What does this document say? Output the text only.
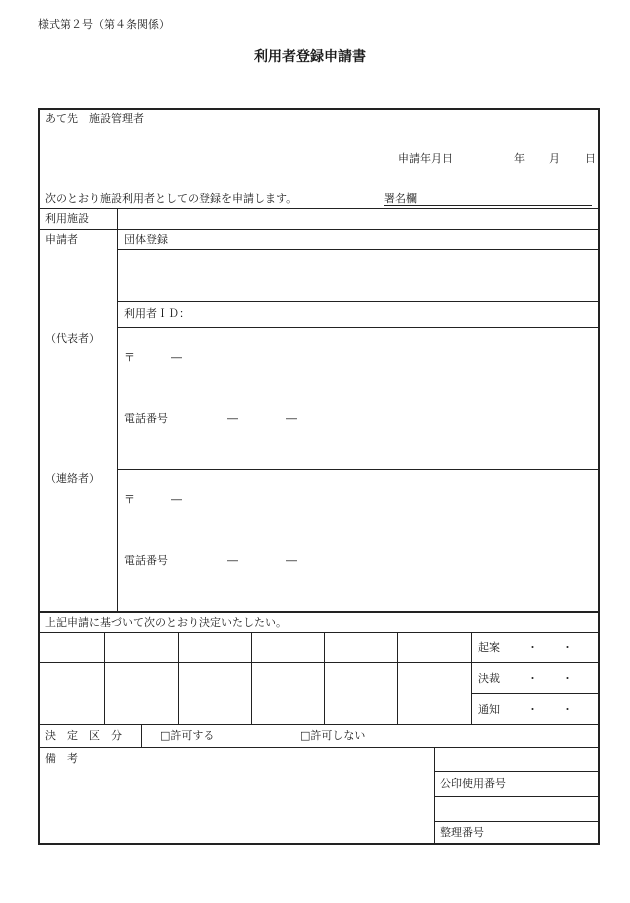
様式第２号（第４条関係）
利用者登録申請書
あて先　施設管理者
申請年月日	年 月 日
次のとおり施設利用者としての登録を申請します。	署名欄
利用施設
申請者	団体登録
利用者ＩＤ：
（代表者）
〒	―
電話番号	―	―
（連絡者）
〒	―
電話番号	―	―
上記申請に基づいて次のとおり決定いたしたい。
起案 ・ ・
決裁 ・ ・
通知 ・ ・
決　定　区　分	□許可する	□許可しない
備　考
公印使用番号
整理番号
